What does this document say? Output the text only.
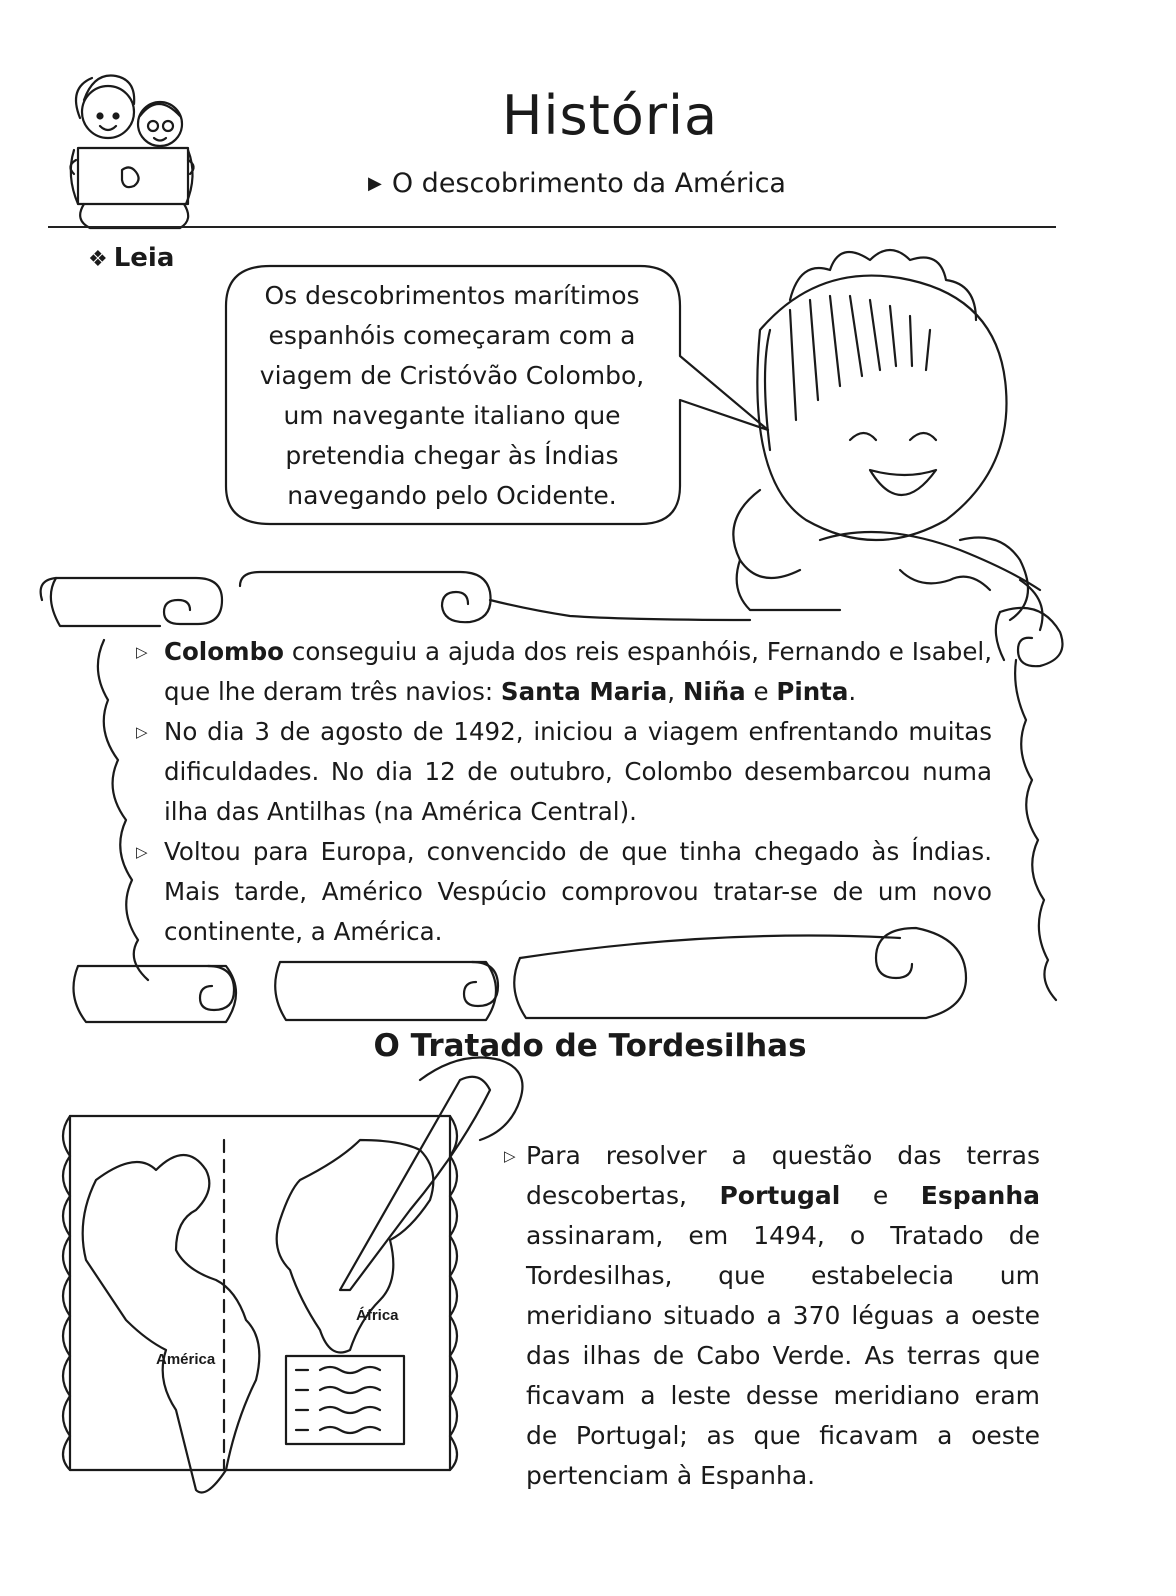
América
África
História
▶ O descobrimento da América
❖ Leia
Os descobrimentos marítimos
espanhóis começaram com a
viagem de Cristóvão Colombo,
um navegante italiano que
pretendia chegar às Índias
navegando pelo Ocidente.
▷ Colombo conseguiu a ajuda dos reis espanhóis, Fernando e Isabel, que lhe deram três navios: Santa Maria, Niña e Pinta.
▷ No dia 3 de agosto de 1492, iniciou a viagem enfrentando muitas dificuldades. No dia 12 de outubro, Colombo desembarcou numa ilha das Antilhas (na América Central).
▷ Voltou para Europa, convencido de que tinha chegado às Índias. Mais tarde, Américo Vespúcio comprovou tratar-se de um novo continente, a América.
O Tratado de Tordesilhas
▷ Para resolver a questão das terras descobertas, Portugal e Espanha assinaram, em 1494, o Tratado de Tordesilhas, que estabelecia um meridiano situado a 370 léguas a oeste das ilhas de Cabo Verde. As terras que ficavam a leste desse meridiano eram de Portugal; as que ficavam a oeste pertenciam à Espanha.
